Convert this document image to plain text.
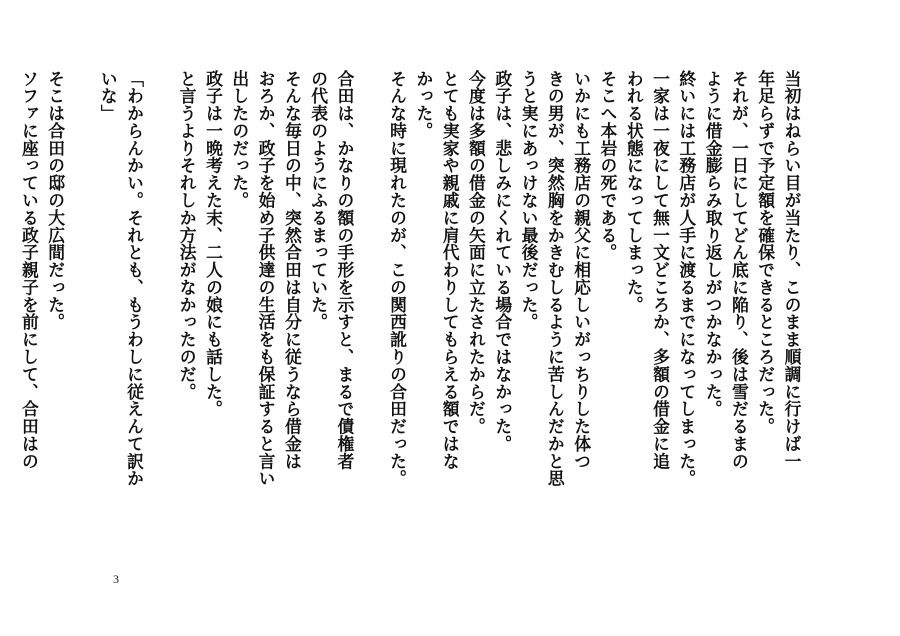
当初はねらい目が当たり、このまま順調に行けば一
年足らずで予定額を確保できるところだった。
それが、一日にしてどん底に陥り、後は雪だるまの
ように借金膨らみ取り返しがつかなかった。
終いには工務店が人手に渡るまでになってしまった。
一家は一夜にして無一文どころか、多額の借金に追
われる状態になってしまった。
そこへ本岩の死である。
いかにも工務店の親父に相応しいがっちりした体つ
きの男が、突然胸をかきむしるように苦しんだかと思
うと実にあっけない最後だった。
政子は、悲しみにくれている場合ではなかった。
今度は多額の借金の矢面に立たされたからだ。
とても実家や親戚に肩代わりしてもらえる額ではな
かった。
そんな時に現れたのが、この関西訛りの合田だった。
合田は、かなりの額の手形を示すと、まるで債権者
の代表のようにふるまっていた。
そんな毎日の中、突然合田は自分に従うなら借金は
おろか、政子を始め子供達の生活をも保証すると言い
出したのだった。
政子は一晩考えた末、二人の娘にも話した。
と言うよりそれしか方法がなかったのだ。
「わからんかい。それとも、もうわしに従えんて訳か
いな」
そこは合田の邸の大広間だった。
ソファに座っている政子親子を前にして、合田はの
3
